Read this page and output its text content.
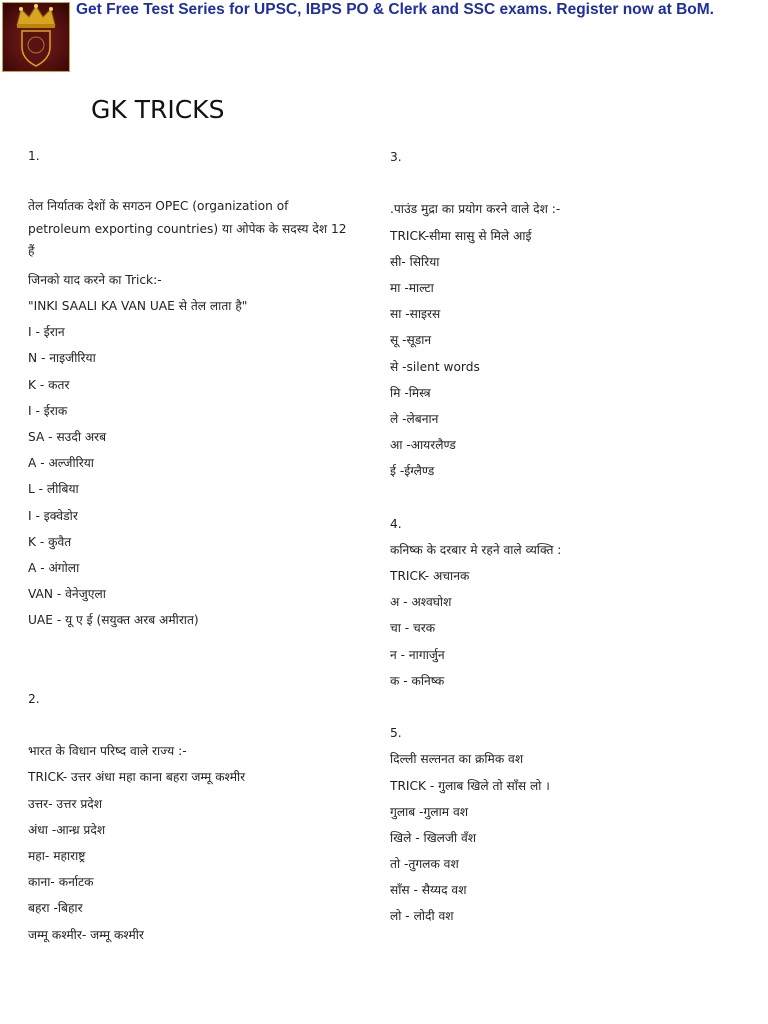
Get Free Test Series for UPSC, IBPS PO & Clerk and SSC exams. Register now at BoM.
GK TRICKS
1.
तेल निर्यातक देशों के सगठन OPEC (organization of petroleum exporting countries) या ओपेक के सदस्य देश 12 हैं
जिनको याद करने का Trick:-
"INKI SAALI KA VAN UAE से तेल लाता है"
I - ईरान
N - नाइजीरिया
K - कतर
I - ईराक
SA - सउदी अरब
A - अल्जीरिया
L - लीबिया
I - इक्वेडोर
K - कुवैत
A - अंगोला
VAN - वेनेजुएला
UAE - यू ए ई (सयुक्त अरब अमीरात)
2.
भारत के विधान परिष्द वाले राज्य :-
TRICK- उत्तर अंधा महा काना बहरा जम्मू कश्मीर
उत्तर- उत्तर प्रदेश
अंधा -आन्ध्र प्रदेश
महा- महाराष्ट्र
काना- कर्नाटक
बहरा -बिहार
जम्मू कश्मीर- जम्मू कश्मीर
3.
.पाउंड मुद्रा का प्रयोग करने वाले देश :-
TRICK-सीमा सासु से मिले आई
सी- सिरिया
मा -माल्टा
सा -साइरस
सू -सूडान
से -silent words
मि -मिस्त्र
ले -लेबनान
आ -आयरलैण्ड
ई -ईग्लैण्ड
4.
कनिष्क के दरबार मे रहने वाले व्यक्ति :
TRICK- अचानक
अ - अश्वघोश
चा - चरक
न - नागार्जुन
क - कनिष्क
5.
दिल्ली सल्तनत का क्रमिक वश
TRICK - गुलाब खिले तो साँस लो ।
गुलाब -गुलाम वश
खिले - खिलजी वँश
तो -तुगलक वश
साँस - सैय्यद वश
लो - लोदी वश
